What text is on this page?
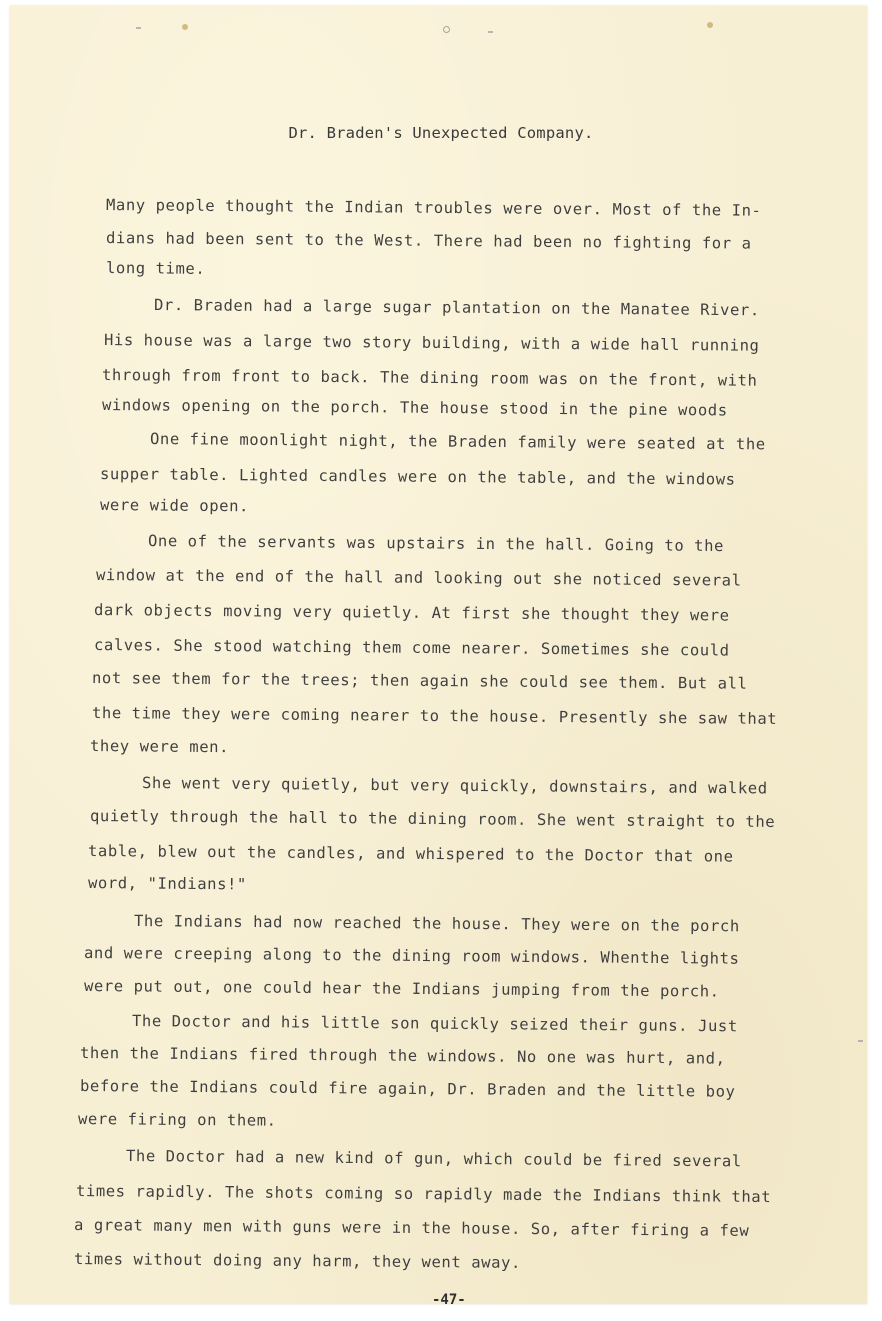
Dr. Braden's Unexpected Company.
Many people thought the Indian troubles were over. Most of the In-
dians had been sent to the West. There had been no fighting for a
long time.
Dr. Braden had a large sugar plantation on the Manatee River.
His house was a large two story building, with a wide hall running
through from front to back. The dining room was on the front, with
windows opening on the porch. The house stood in the pine woods
One fine moonlight night, the Braden family were seated at the
supper table. Lighted candles were on the table, and the windows
were wide open.
One of the servants was upstairs in the hall. Going to the
window at the end of the hall and looking out she noticed several
dark objects moving very quietly. At first she thought they were
calves. She stood watching them come nearer. Sometimes she could
not see them for the trees; then again she could see them. But all
the time they were coming nearer to the house. Presently she saw that
they were men.
She went very quietly, but very quickly, downstairs, and walked
quietly through the hall to the dining room. She went straight to the
table, blew out the candles, and whispered to the Doctor that one
word, "Indians!"
The Indians had now reached the house. They were on the porch
and were creeping along to the dining room windows. Whenthe lights
were put out, one could hear the Indians jumping from the porch.
The Doctor and his little son quickly seized their guns. Just
then the Indians fired through the windows. No one was hurt, and,
before the Indians could fire again, Dr. Braden and the little boy
were firing on them.
The Doctor had a new kind of gun, which could be fired several
times rapidly. The shots coming so rapidly made the Indians think that
a great many men with guns were in the house. So, after firing a few
times without doing any harm, they went away.
-47-
